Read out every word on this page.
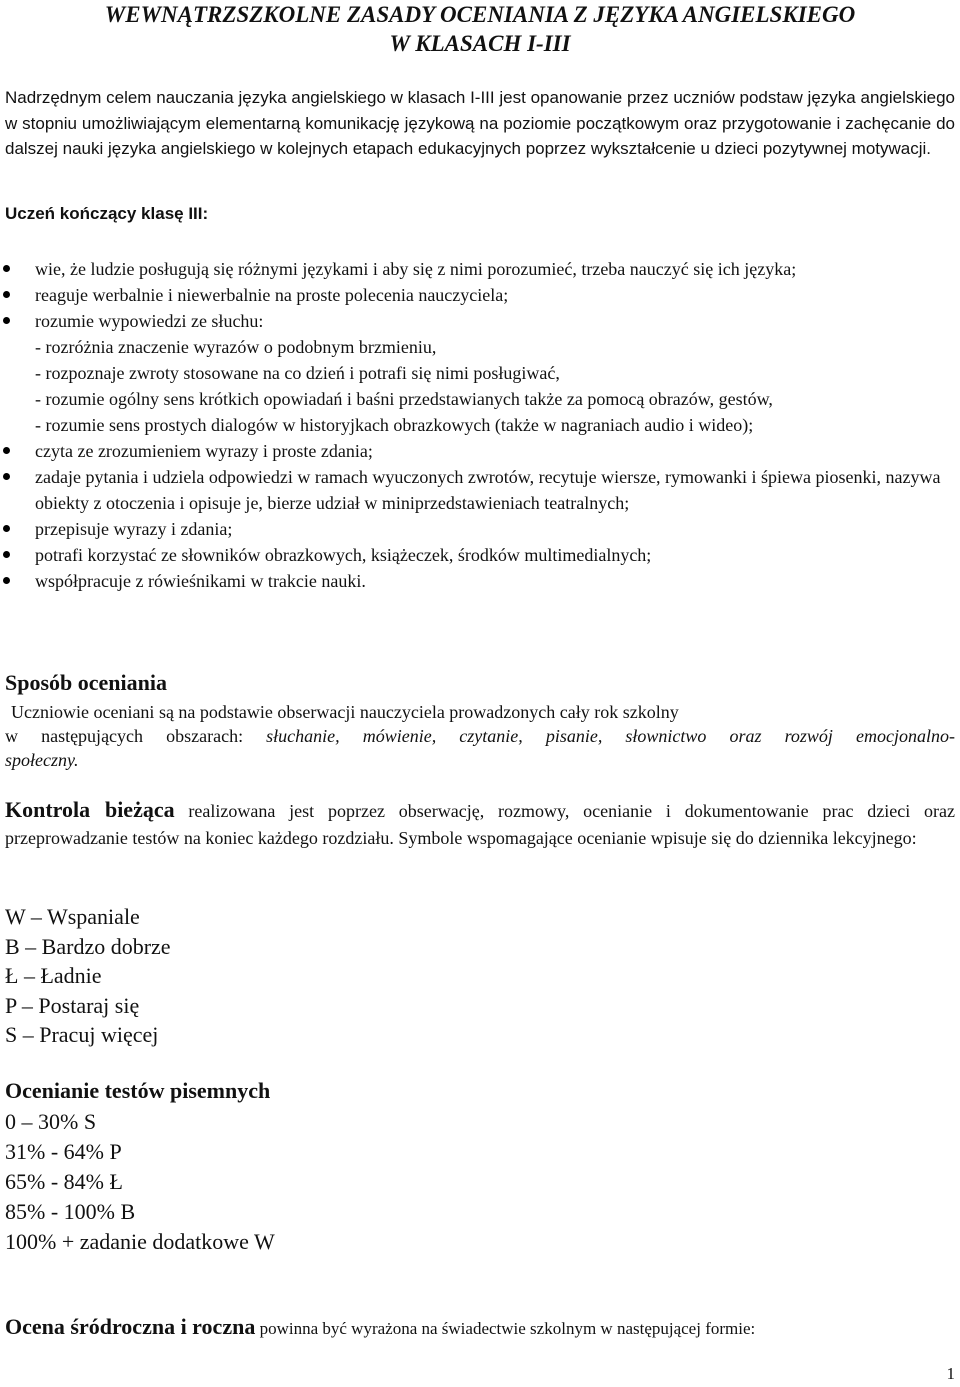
WEWNĄTRZSZKOLNE ZASADY OCENIANIA Z JĘZYKA ANGIELSKIEGO
W KLASACH I-III

Nadrzędnym celem nauczania języka angielskiego w klasach I-III jest opanowanie przez uczniów podstaw języka angielskiego w stopniu umożliwiającym elementarną komunikację językową na poziomie początkowym oraz przygotowanie i zachęcanie do dalszej nauki języka angielskiego w kolejnych etapach edukacyjnych poprzez wykształcenie u dzieci pozytywnej motywacji.

Uczeń kończący klasę III:

wie, że ludzie posługują się różnymi językami i aby się z nimi porozumieć, trzeba nauczyć się ich języka;
reaguje werbalnie i niewerbalnie na proste polecenia nauczyciela;
rozumie wypowiedzi ze słuchu:
- rozróżnia znaczenie wyrazów o podobnym brzmieniu,
- rozpoznaje zwroty stosowane na co dzień i potrafi się nimi posługiwać,
- rozumie ogólny sens krótkich opowiadań i baśni przedstawianych także za pomocą obrazów, gestów,
- rozumie sens prostych dialogów w historyjkach obrazkowych (także w nagraniach audio i wideo);
czyta ze zrozumieniem wyrazy i proste zdania;
zadaje pytania i udziela odpowiedzi w ramach wyuczonych zwrotów, recytuje wiersze, rymowanki i śpiewa piosenki, nazywa obiekty z otoczenia i opisuje je, bierze udział w miniprzedstawieniach teatralnych;
przepisuje wyrazy i zdania;
potrafi korzystać ze słowników obrazkowych, książeczek, środków multimedialnych;
współpracuje z rówieśnikami w trakcie nauki.
Sposób oceniania
Uczniowie oceniani są na podstawie obserwacji nauczyciela prowadzonych cały rok szkolny
w następujących obszarach: słuchanie, mówienie, czytanie, pisanie, słownictwo oraz rozwój emocjonalno-
społeczny.

Kontrola bieżąca realizowana jest poprzez obserwację, rozmowy, ocenianie i dokumentowanie prac dzieci oraz przeprowadzanie testów na koniec każdego rozdziału. Symbole wspomagające ocenianie wpisuje się do dziennika lekcyjnego:

W – Wspaniale
B – Bardzo dobrze
Ł – Ładnie
P – Postaraj się
S – Pracuj więcej
Ocenianie testów pisemnych
0 – 30% S
31% - 64% P
65% - 84% Ł
85% - 100% B
100% + zadanie dodatkowe W

Ocena śródroczna i roczna powinna być wyrażona na świadectwie szkolnym w następującej formie:

1
